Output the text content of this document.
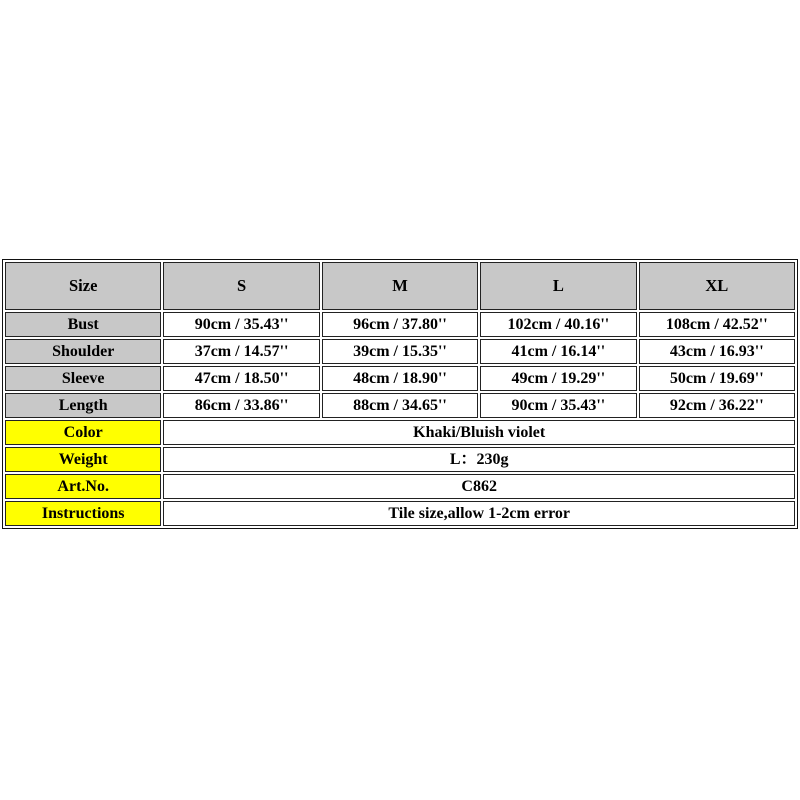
Size	S	M	L	XL
Bust	90cm / 35.43''	96cm / 37.80''	102cm / 40.16''	108cm / 42.52''
Shoulder	37cm / 14.57''	39cm / 15.35''	41cm / 16.14''	43cm / 16.93''
Sleeve	47cm / 18.50''	48cm / 18.90''	49cm / 19.29''	50cm / 19.69''
Length	86cm / 33.86''	88cm / 34.65''	90cm / 35.43''	92cm / 36.22''
Color	Khaki/Bluish violet			
Weight	L：230g			
Art.No.	C862			
Instructions	Tile size,allow 1-2cm error			
